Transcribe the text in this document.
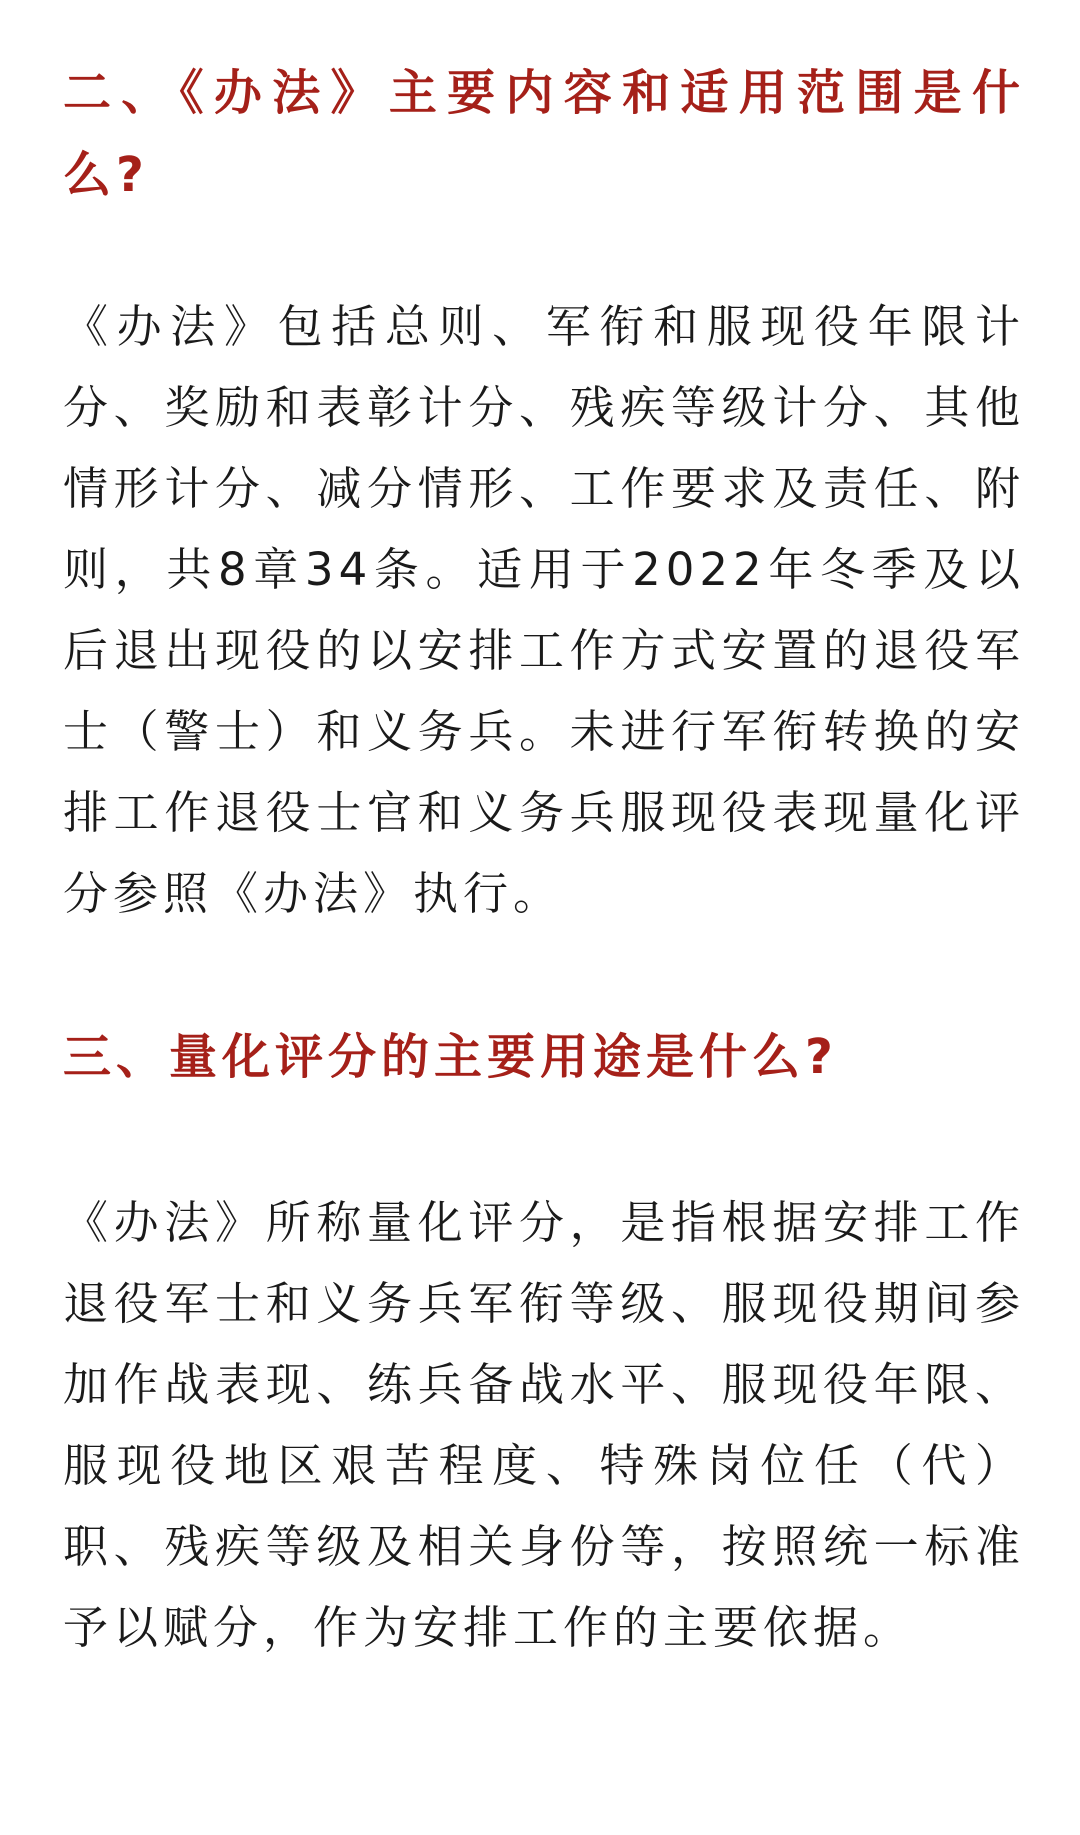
二、《办法》主要内容和适用范围是什么?

《办法》包括总则、军衔和服现役年限计分、奖励和表彰计分、残疾等级计分、其他情形计分、减分情形、工作要求及责任、附则，共8章34条。适用于2022年冬季及以后退出现役的以安排工作方式安置的退役军士（警士）和义务兵。未进行军衔转换的安排工作退役士官和义务兵服现役表现量化评分参照《办法》执行。

三、量化评分的主要用途是什么?

《办法》所称量化评分，是指根据安排工作退役军士和义务兵军衔等级、服现役期间参加作战表现、练兵备战水平、服现役年限、服现役地区艰苦程度、特殊岗位任（代）职、残疾等级及相关身份等，按照统一标准予以赋分，作为安排工作的主要依据。
